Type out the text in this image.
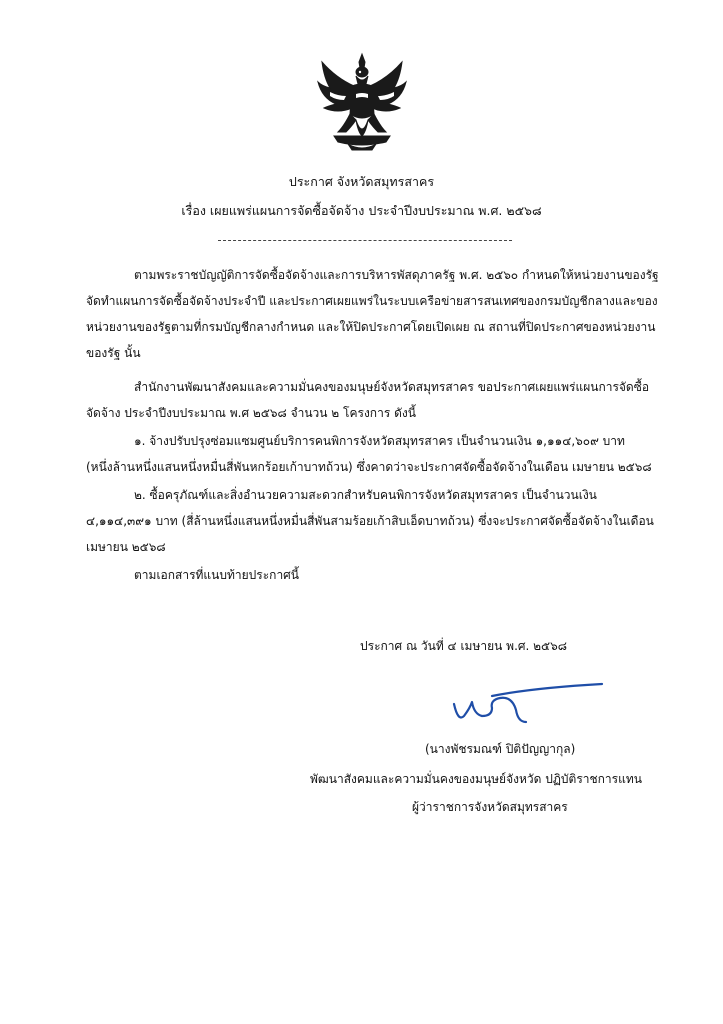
ประกาศ จังหวัดสมุทรสาคร
เรื่อง เผยแพร่แผนการจัดซื้อจัดจ้าง ประจำปีงบประมาณ พ.ศ. ๒๕๖๘
ตามพระราชบัญญัติการจัดซื้อจัดจ้างและการบริหารพัสดุภาครัฐ พ.ศ. ๒๕๖๐ กำหนดให้หน่วยงานของรัฐ
จัดทำแผนการจัดซื้อจัดจ้างประจำปี และประกาศเผยแพร่ในระบบเครือข่ายสารสนเทศของกรมบัญชีกลางและของ
หน่วยงานของรัฐตามที่กรมบัญชีกลางกำหนด และให้ปิดประกาศโดยเปิดเผย ณ สถานที่ปิดประกาศของหน่วยงาน
ของรัฐ นั้น
สำนักงานพัฒนาสังคมและความมั่นคงของมนุษย์จังหวัดสมุทรสาคร ขอประกาศเผยแพร่แผนการจัดซื้อ
จัดจ้าง ประจำปีงบประมาณ พ.ศ ๒๕๖๘ จำนวน ๒ โครงการ ดังนี้
๑. จ้างปรับปรุงซ่อมแซมศูนย์บริการคนพิการจังหวัดสมุทรสาคร เป็นจำนวนเงิน ๑,๑๑๔,๖๐๙ บาท
(หนึ่งล้านหนึ่งแสนหนึ่งหมื่นสี่พันหกร้อยเก้าบาทถ้วน) ซึ่งคาดว่าจะประกาศจัดซื้อจัดจ้างในเดือน เมษายน ๒๕๖๘
๒. ซื้อครุภัณฑ์และสิ่งอำนวยความสะดวกสำหรับคนพิการจังหวัดสมุทรสาคร เป็นจำนวนเงิน
๔,๑๑๔,๓๙๑ บาท (สี่ล้านหนึ่งแสนหนึ่งหมื่นสี่พันสามร้อยเก้าสิบเอ็ดบาทถ้วน) ซึ่งจะประกาศจัดซื้อจัดจ้างในเดือน
เมษายน ๒๕๖๘
ตามเอกสารที่แนบท้ายประกาศนี้
ประกาศ ณ วันที่ ๔ เมษายน พ.ศ. ๒๕๖๘
(นางพัชรมณฑ์ ปิติปัญญากุล)
พัฒนาสังคมและความมั่นคงของมนุษย์จังหวัด ปฏิบัติราชการแทน
ผู้ว่าราชการจังหวัดสมุทรสาคร
